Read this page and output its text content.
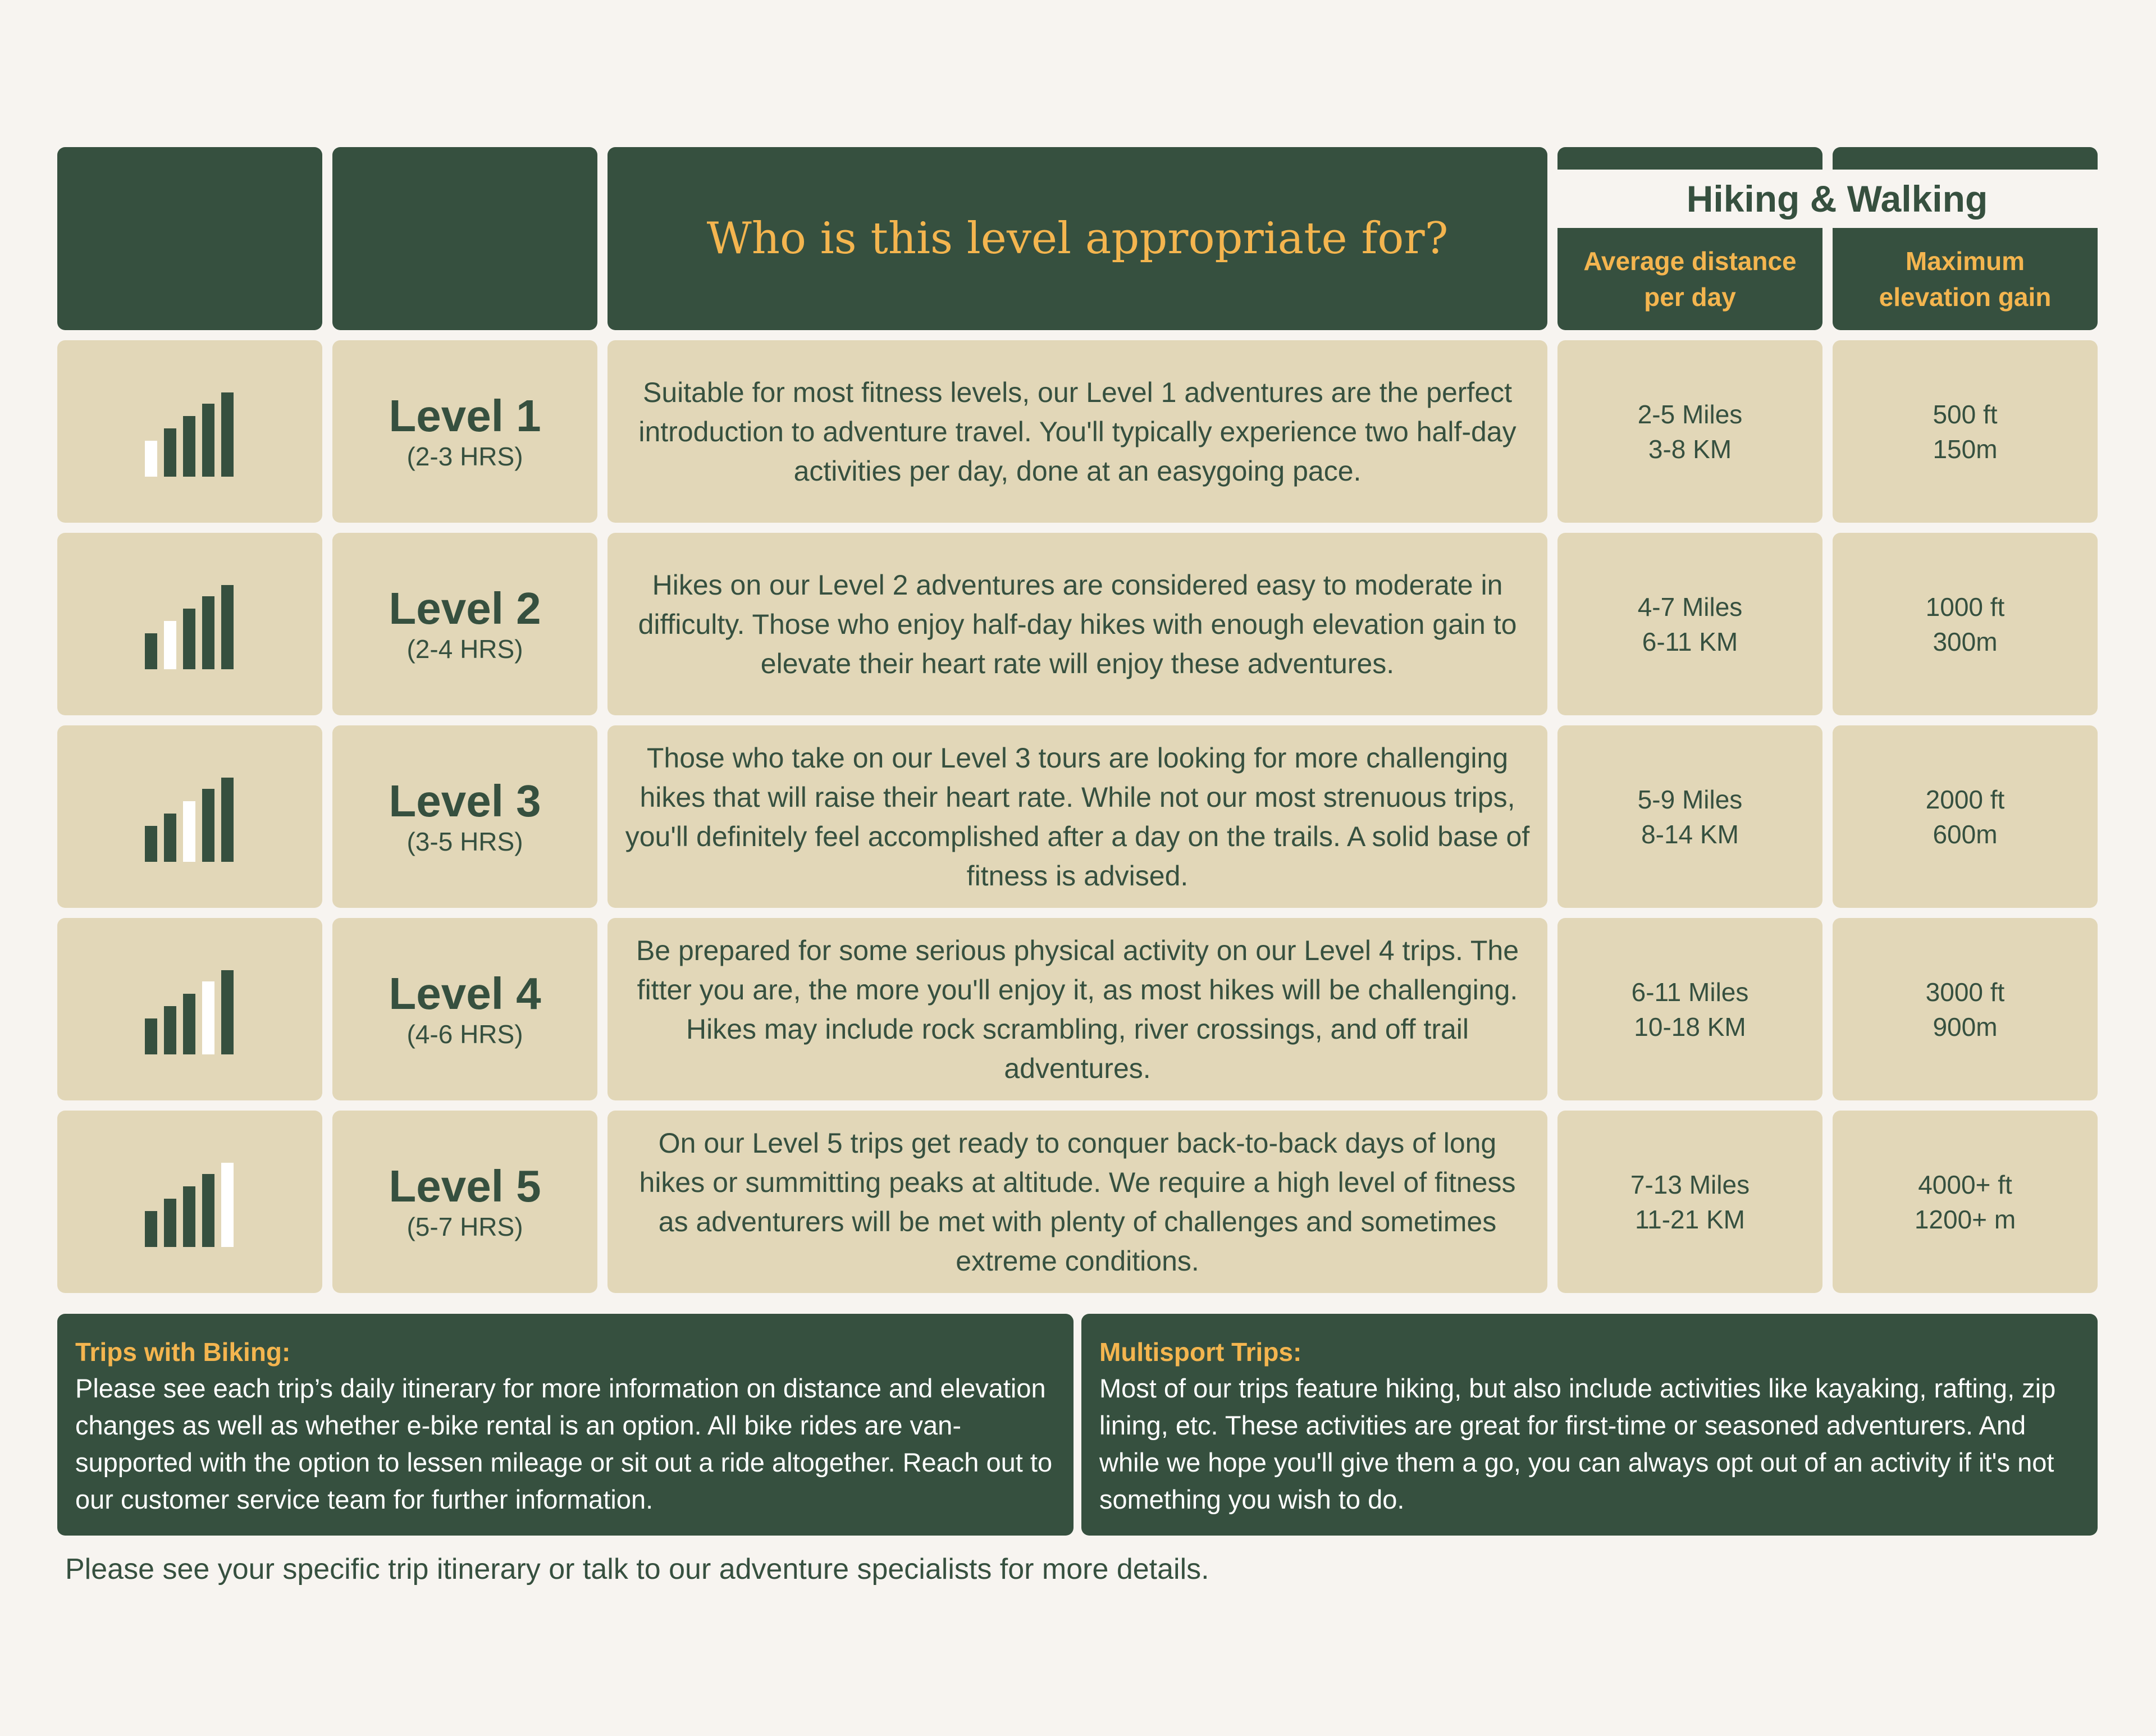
Who is this level appropriate for?
Hiking & Walking
Average distance per day
Maximum elevation gain
Level 1
(2-3 HRS)
Suitable for most fitness levels, our Level 1 adventures are the perfect introduction to adventure travel. You'll typically experience two half-day activities per day, done at an easygoing pace.
2-5 Miles
3-8 KM
500 ft
150m
Level 2
(2-4 HRS)
Hikes on our Level 2 adventures are considered easy to moderate in difficulty. Those who enjoy half-day hikes with enough elevation gain to elevate their heart rate will enjoy these adventures.
4-7 Miles
6-11 KM
1000 ft
300m
Level 3
(3-5 HRS)
Those who take on our Level 3 tours are looking for more challenging hikes that will raise their heart rate. While not our most strenuous trips, you'll definitely feel accomplished after a day on the trails. A solid base of fitness is advised.
5-9 Miles
8-14 KM
2000 ft
600m
Level 4
(4-6 HRS)
Be prepared for some serious physical activity on our Level 4 trips. The fitter you are, the more you'll enjoy it, as most hikes will be challenging. Hikes may include rock scrambling, river crossings, and off trail adventures.
6-11 Miles
10-18 KM
3000 ft
900m
Level 5
(5-7 HRS)
On our Level 5 trips get ready to conquer back-to-back days of long hikes or summitting peaks at altitude. We require a high level of fitness as adventurers will be met with plenty of challenges and sometimes extreme conditions.
7-13 Miles
11-21 KM
4000+ ft
1200+ m
Trips with Biking:
Please see each trip’s daily itinerary for more information on distance and elevation changes as well as whether e-bike rental is an option. All bike rides are van-supported with the option to lessen mileage or sit out a ride altogether. Reach out to our customer service team for further information.
Multisport Trips:
Most of our trips feature hiking, but also include activities like kayaking, rafting, zip lining, etc. These activities are great for first-time or seasoned adventurers. And while we hope you'll give them a go, you can always opt out of an activity if it's not something you wish to do.
Please see your specific trip itinerary or talk to our adventure specialists for more details.
